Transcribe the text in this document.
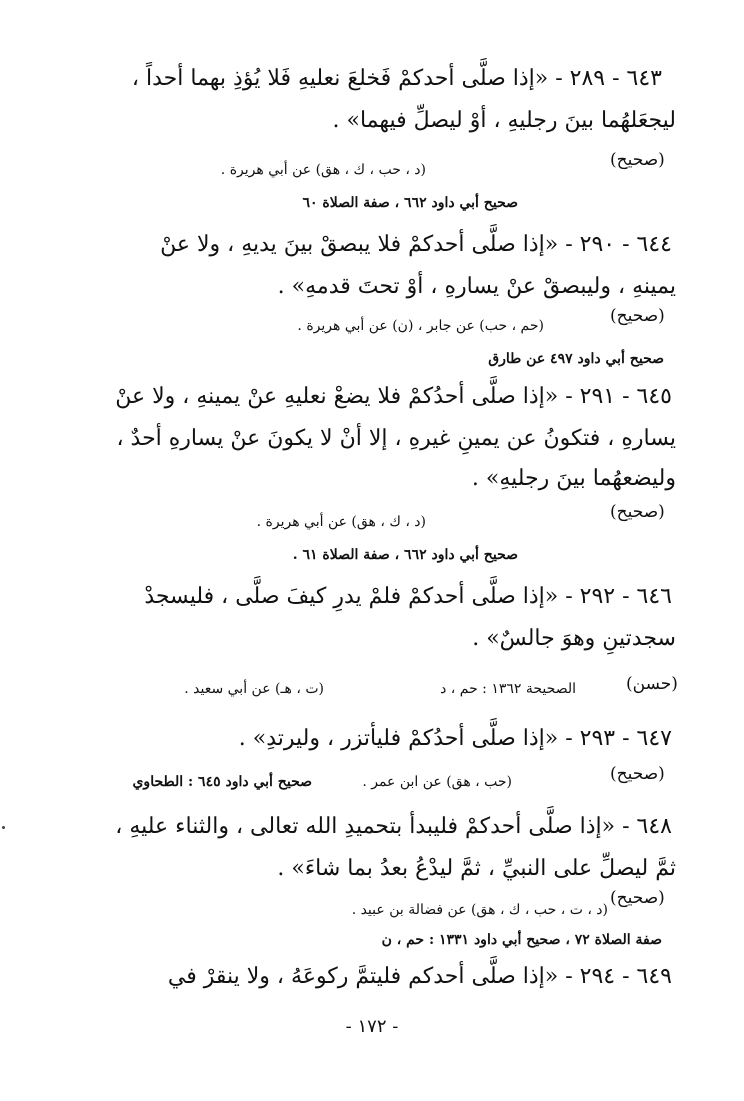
٦٤٣ - ٢٨٩ - «إذا صلَّى أحدكمْ فَخلعَ نعليهِ فَلا يُؤذِ بهما أحداً ،
ليجعَلهُما بينَ رجليهِ ، أوْ ليصلِّ فيهما» .
(صحيح)
(د ، حب ، ك ، هق) عن أبي هريرة .
صحيح أبي داود ٦٦٢ ، صفة الصلاة ٦٠
٦٤٤ - ٢٩٠ - «إذا صلَّى أحدكمْ فلا يبصقْ بينَ يديهِ ، ولا عنْ
يمينهِ ، وليبصقْ عنْ يسارهِ ، أوْ تحتَ قدمهِ» .
(صحيح)
(حم ، حب) عن جابر ، (ن) عن أبي هريرة .
صحيح أبي داود ٤٩٧ عن طارق
٦٤٥ - ٢٩١ - «إذا صلَّى أحدُكمْ فلا يضعْ نعليهِ عنْ يمينهِ ، ولا عنْ
يسارهِ ، فتكونُ عن يمينِ غيرهِ ، إلا أنْ لا يكونَ عنْ يسارهِ أحدٌ ،
وليضعهُما بينَ رجليهِ» .
(صحيح)
(د ، ك ، هق) عن أبي هريرة .
صحيح أبي داود ٦٦٢ ، صفة الصلاة ٦١ .
٦٤٦ - ٢٩٢ - «إذا صلَّى أحدكمْ فلمْ يدرِ كيفَ صلَّى ، فليسجدْ
سجدتينِ وهوَ جالسٌ» .
الصحيحة ١٣٦٢ : حم ، د
(ت ، هـ) عن أبي سعيد .	(حسن)
٦٤٧ - ٢٩٣ - «إذا صلَّى أحدُكمْ فليأتزر ، وليرتدِ» .
(صحيح)
(حب ، هق) عن ابن عمر .
صحيح أبي داود ٦٤٥ : الطحاوي
٦٤٨ - «إذا صلَّى أحدكمْ فليبدأ بتحميدِ الله تعالى ، والثناء عليهِ ،
ثمَّ ليصلِّ على النبيِّ ، ثمَّ ليدْعُ بعدُ بما شاءَ» .
(صحيح)
(د ، ت ، حب ، ك ، هق) عن فضالة بن عبيد .
صفة الصلاة ٧٢ ، صحيح أبي داود ١٣٣١ : حم ، ن
٦٤٩ - ٢٩٤ - «إذا صلَّى أحدكم فليتمَّ ركوعَهُ ، ولا ينقرْ في
- ١٧٢ -
